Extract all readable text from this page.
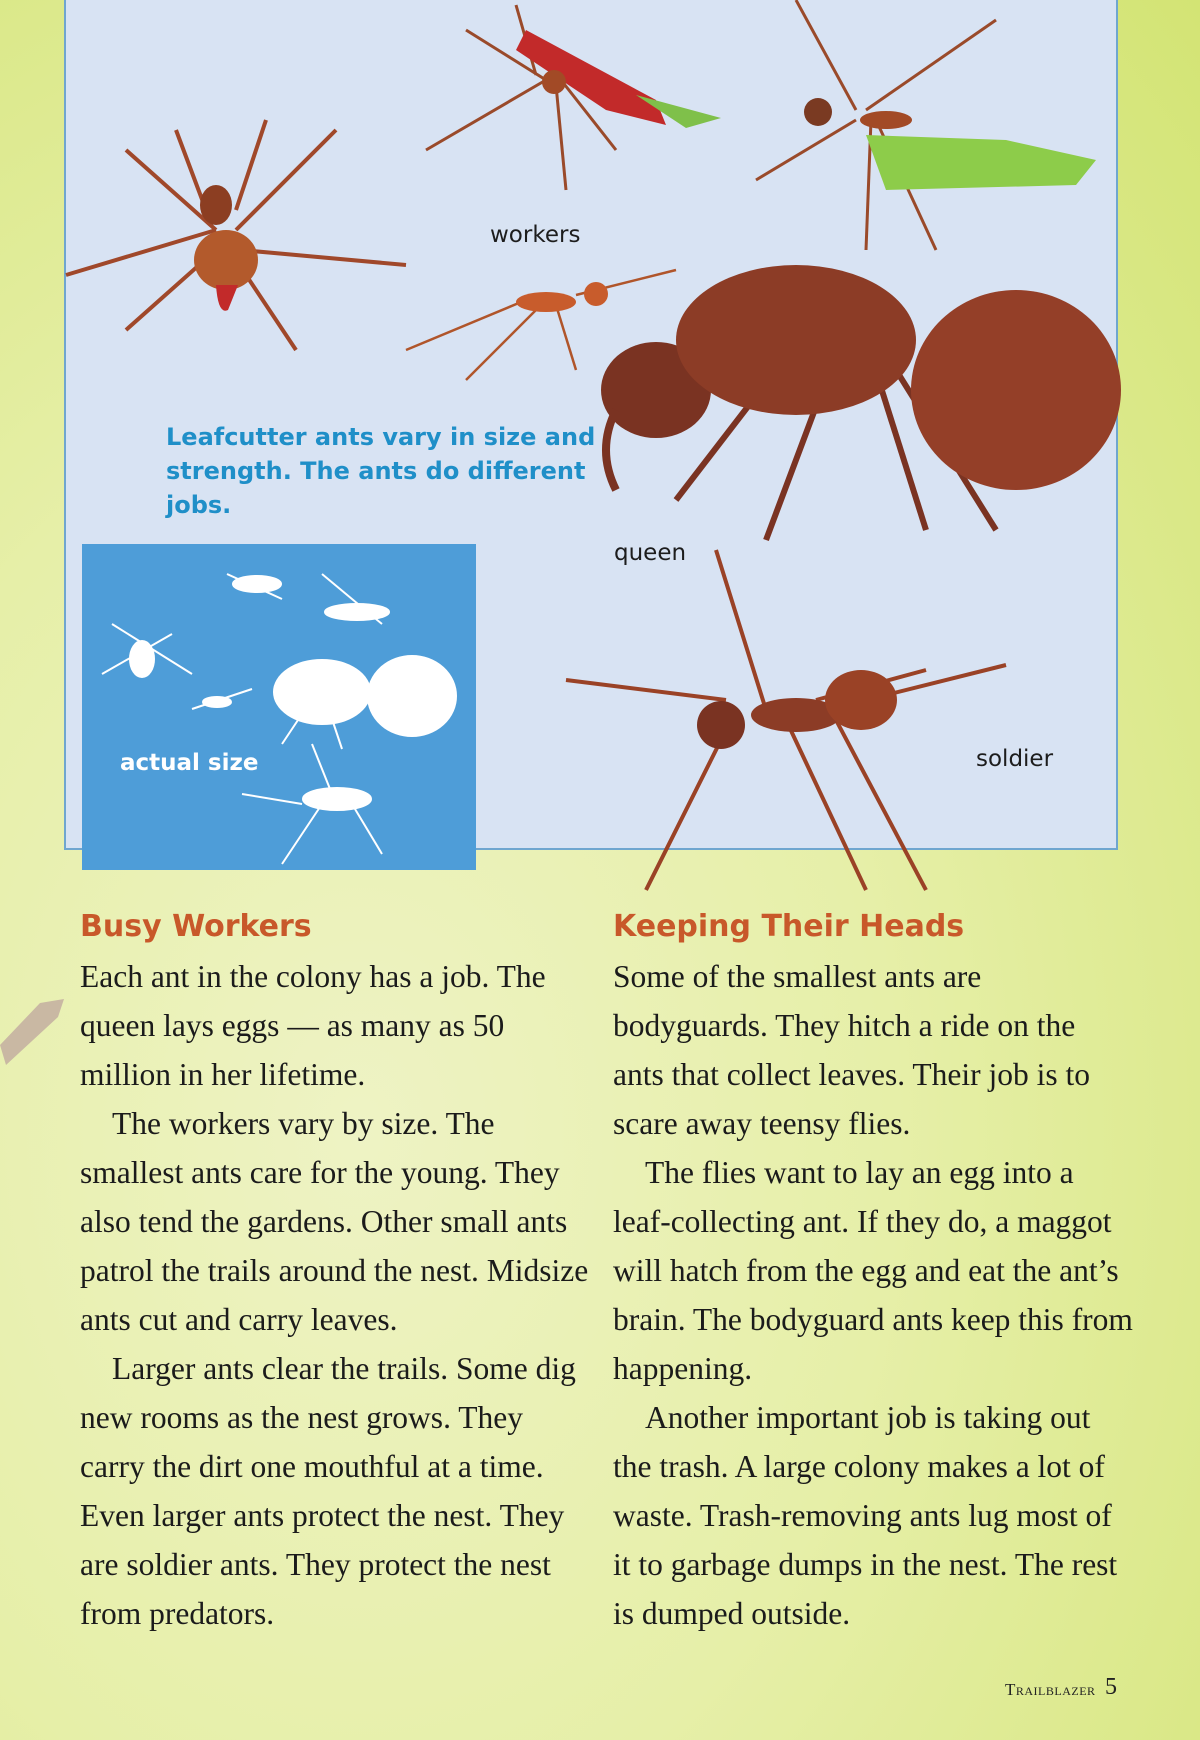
workers
queen
Leafcutter ants vary in size and strength. The ants do different jobs.
soldier
actual size
Busy Workers

Each ant in the colony has a job. The queen lays eggs — as many as 50 million in her lifetime.

The workers vary by size. The smallest ants care for the young. They also tend the gardens. Other small ants patrol the trails around the nest. Midsize ants cut and carry leaves.

Larger ants clear the trails. Some dig new rooms as the nest grows. They carry the dirt one mouthful at a time. Even larger ants protect the nest. They are soldier ants. They protect the nest from predators.

Keeping Their Heads

Some of the smallest ants are bodyguards. They hitch a ride on the ants that collect leaves. Their job is to scare away teensy flies.

The flies want to lay an egg into a leaf-collecting ant. If they do, a maggot will hatch from the egg and eat the ant’s brain. The bodyguard ants keep this from happening.

Another important job is taking out the trash. A large colony makes a lot of waste. Trash-removing ants lug most of it to garbage dumps in the nest. The rest is dumped outside.

Trailblazer 5
